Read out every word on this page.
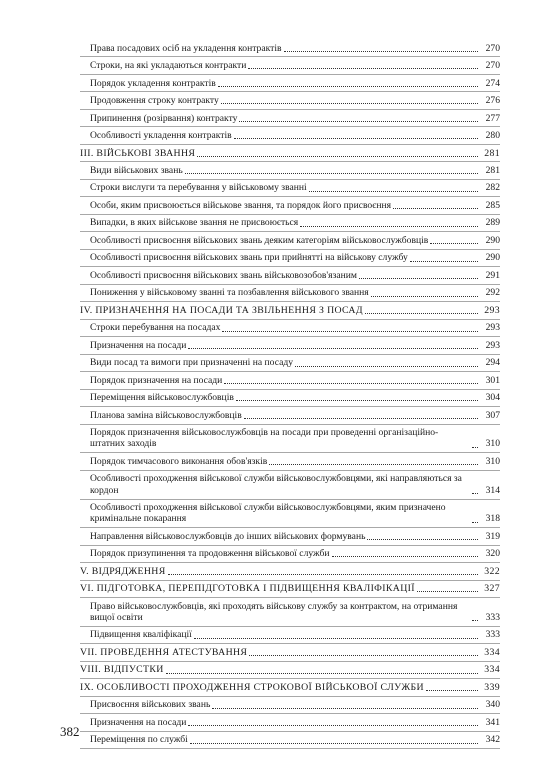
Права посадових осіб на укладення контрактів	270
Строки, на які укладаються контракти	270
Порядок укладення контрактів	274
Продовження строку контракту	276
Припинення (розірвання) контракту	277
Особливості укладення контрактів	280
III. ВІЙСЬКОВІ ЗВАННЯ	281
Види військових звань	281
Строки вислуги та перебування у військовому званні	282
Особи, яким присвоюється військове звання, та порядок його присвоєння	285
Випадки, в яких військове звання не присвоюється	289
Особливості присвоєння військових звань деяким категоріям військовослужбовців	290
Особливості присвоєння військових звань при прийнятті на військову службу	290
Особливості присвоєння військових звань військовозобов'язаним	291
Пониження у військовому званні та позбавлення військового звання	292
IV. ПРИЗНАЧЕННЯ НА ПОСАДИ ТА ЗВІЛЬНЕННЯ З ПОСАД	293
Строки перебування на посадах	293
Призначення на посади	293
Види посад та вимоги при призначенні на посаду	294
Порядок призначення на посади	301
Переміщення військовослужбовців	304
Планова заміна військовослужбовців	307
Порядок призначення військовослужбовців на посади при проведенні організаційно-штатних заходів	310
Порядок тимчасового виконання обов'язків	310
Особливості проходження військової служби військовослужбовцями, які направляються за кордон	314
Особливості проходження військової служби військовослужбовцями, яким призначено кримінальне покарання	318
Направлення військовослужбовців до інших військових формувань	319
Порядок призупинення та продовження військової служби	320
V. ВІДРЯДЖЕННЯ	322
VI. ПІДГОТОВКА, ПЕРЕПІДГОТОВКА І ПІДВИЩЕННЯ КВАЛІФІКАЦІЇ	327
Право військовослужбовців, які проходять військову службу за контрактом, на отримання вищої освіти	333
Підвищення кваліфікації	333
VII. ПРОВЕДЕННЯ АТЕСТУВАННЯ	334
VIII. ВІДПУСТКИ	334
IX. ОСОБЛИВОСТІ ПРОХОДЖЕННЯ СТРОКОВОЇ ВІЙСЬКОВОЇ СЛУЖБИ	339
Присвоєння військових звань	340
Призначення на посади	341
Переміщення по службі	342
382
